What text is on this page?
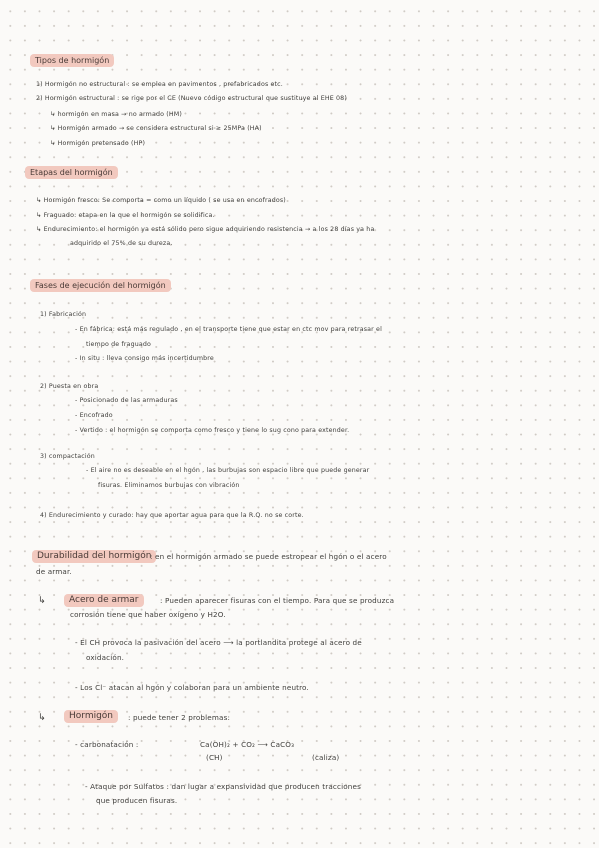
Tipos de hormigón
1) Hormigón no estructural : se emplea en pavimentos , prefabricados etc.
2) Hormigón estructural : se rige por el CE (Nuevo código estructural que sustituye al EHE 08)
↳ hormigón en masa → no armado (HM)
↳ Hormigón armado → se considera estructural si ≥ 25MPa (HA)
↳ Hormigón pretensado (HP)
Etapas del hormigón
↳ Hormigón fresco: Se comporta = como un líquido ( se usa en encofrados)
↳ Fraguado: etapa en la que el hormigón se solidifica.
↳ Endurecimiento: el hormigón ya está sólido pero sigue adquiriendo resistencia → a los 28 días ya ha
adquirido el 75% de su dureza.
Fases de ejecución del hormigón
1) Fabricación
- En fábrica: está más regulado , en el transporte tiene que estar en ctc mov para retrasar el
tiempo de fraguado
- In situ : lleva consigo más incertidumbre
2) Puesta en obra
- Posicionado de las armaduras
- Encofrado
- Vertido : el hormigón se comporta como fresco y tiene lo sug cono para extender.
3) compactación
- El aire no es deseable en el hgón , las burbujas son espacio libre que puede generar
fisuras. Eliminamos burbujas con vibración
4) Endurecimiento y curado: hay que aportar agua para que la R.Q. no se corte.
Durabilidad del hormigón
: en el hormigón armado se puede estropear el hgón o el acero
de armar.
↳	Acero de armar	: Pueden aparecer fisuras con el tiempo. Para que se produzca
corrosión tiene que haber oxígeno y H2O.
- El CH provoca la pasivación del acero ⟶ la portlandita protege al acero de
oxidación.
- Los Cl⁻ atacan al hgón y colaboran para un ambiente neutro.
↳	Hormigón	: puede tener 2 problemas:
- carbonatación :	Ca(OH)₂ + CO₂ ⟶ CaCO₃
(CH)	(caliza)
- Ataque por Sulfatos : dan lugar a expansividad que producen tracciones
que producen fisuras.
